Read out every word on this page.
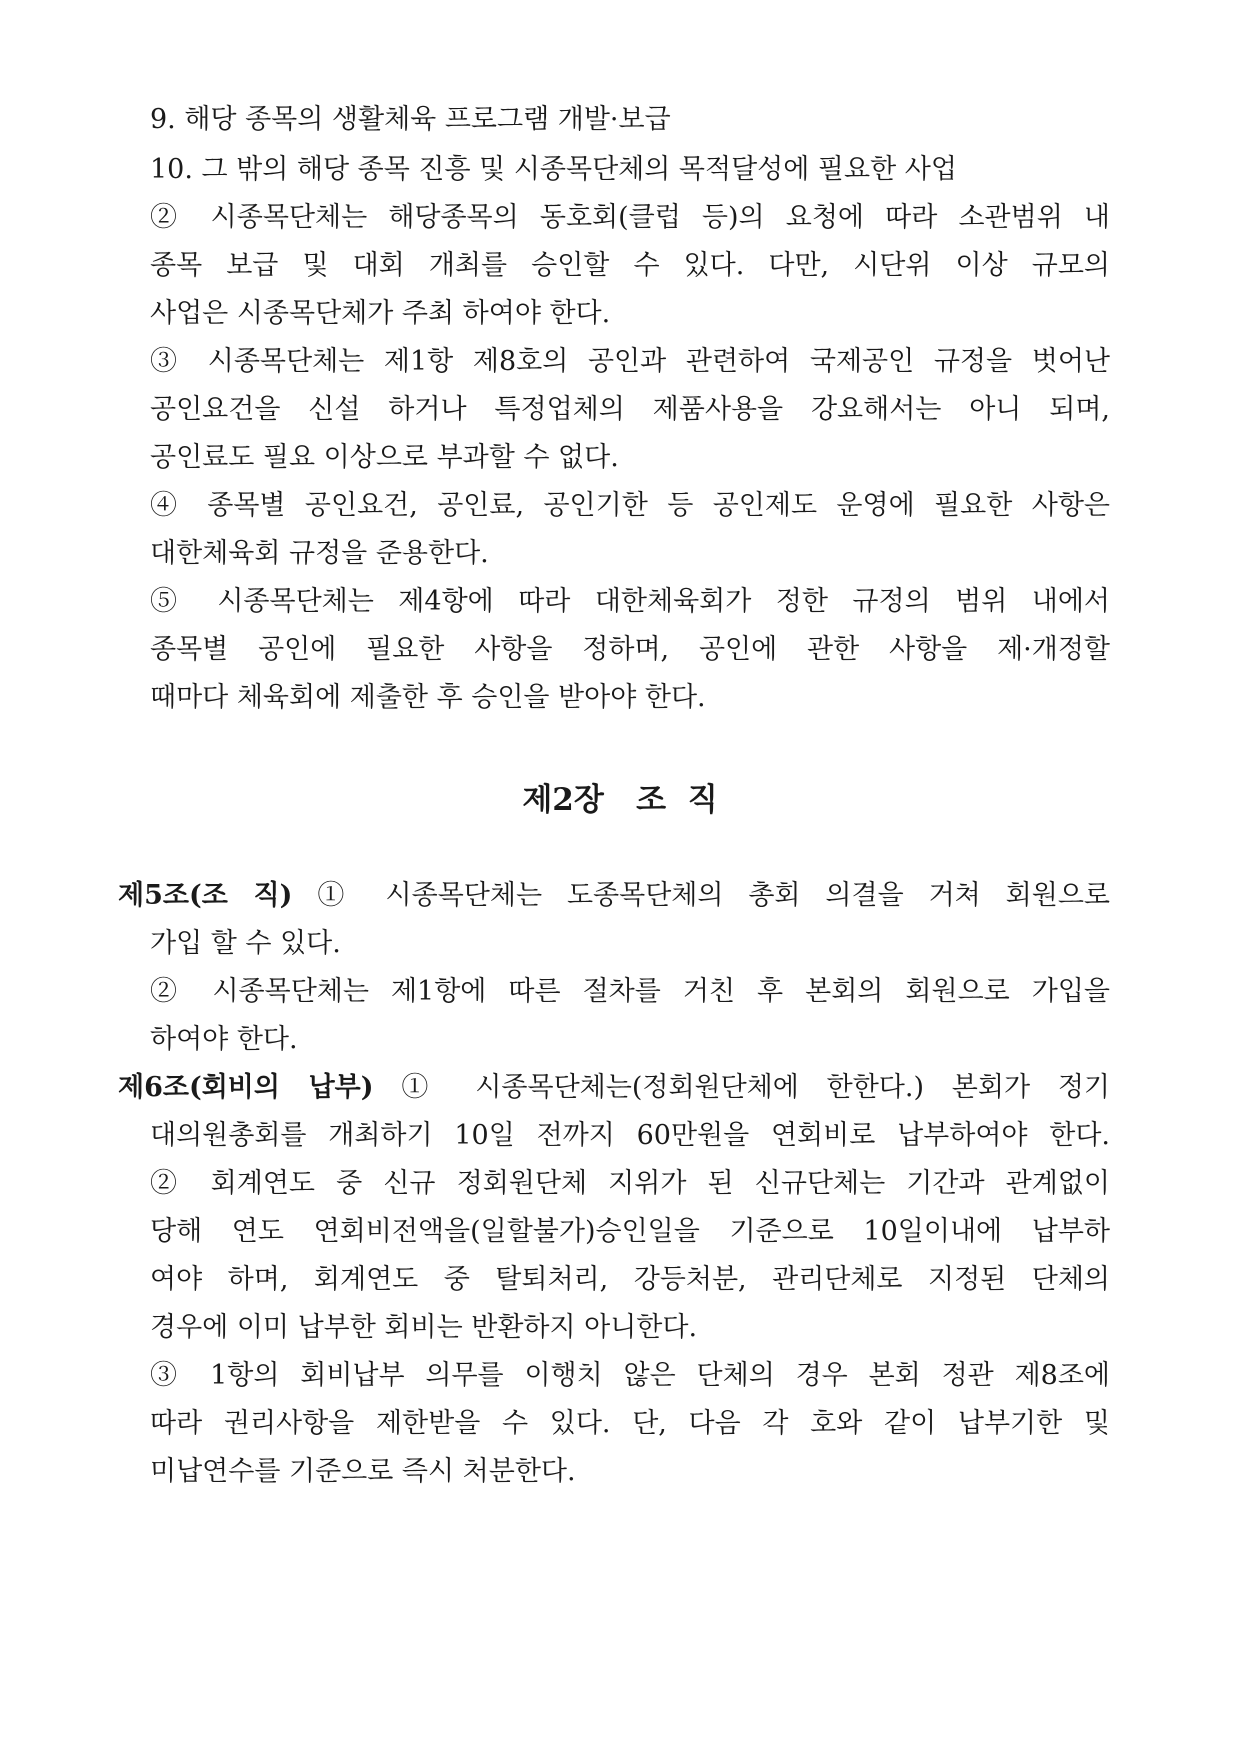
9. 해당 종목의 생활체육 프로그램 개발·보급
10. 그 밖의 해당 종목 진흥 및 시종목단체의 목적달성에 필요한 사업
② 시종목단체는 해당종목의 동호회(클럽 등)의 요청에 따라 소관범위 내
종목 보급 및 대회 개최를 승인할 수 있다. 다만, 시단위 이상 규모의
사업은 시종목단체가 주최 하여야 한다.
③ 시종목단체는 제1항 제8호의 공인과 관련하여 국제공인 규정을 벗어난
공인요건을 신설 하거나 특정업체의 제품사용을 강요해서는 아니 되며,
공인료도 필요 이상으로 부과할 수 없다.
④ 종목별 공인요건, 공인료, 공인기한 등 공인제도 운영에 필요한 사항은
대한체육회 규정을 준용한다.
⑤ 시종목단체는 제4항에 따라 대한체육회가 정한 규정의 범위 내에서
종목별 공인에 필요한 사항을 정하며, 공인에 관한 사항을 제·개정할
때마다 체육회에 제출한 후 승인을 받아야 한다.
제2장   조  직
제5조(조 직) ① 시종목단체는 도종목단체의 총회 의결을 거쳐 회원으로
가입 할 수 있다.
② 시종목단체는 제1항에 따른 절차를 거친 후 본회의 회원으로 가입을
하여야 한다.
제6조(회비의 납부) ① 시종목단체는(정회원단체에 한한다.) 본회가 정기
대의원총회를 개최하기 10일 전까지 60만원을 연회비로 납부하여야 한다.
② 회계연도 중 신규 정회원단체 지위가 된 신규단체는 기간과 관계없이
당해 연도 연회비전액을(일할불가)승인일을 기준으로 10일이내에 납부하
여야 하며, 회계연도 중 탈퇴처리, 강등처분, 관리단체로 지정된 단체의
경우에 이미 납부한 회비는 반환하지 아니한다.
③ 1항의 회비납부 의무를 이행치 않은 단체의 경우 본회 정관 제8조에
따라 권리사항을 제한받을 수 있다. 단, 다음 각 호와 같이 납부기한 및
미납연수를 기준으로 즉시 처분한다.
